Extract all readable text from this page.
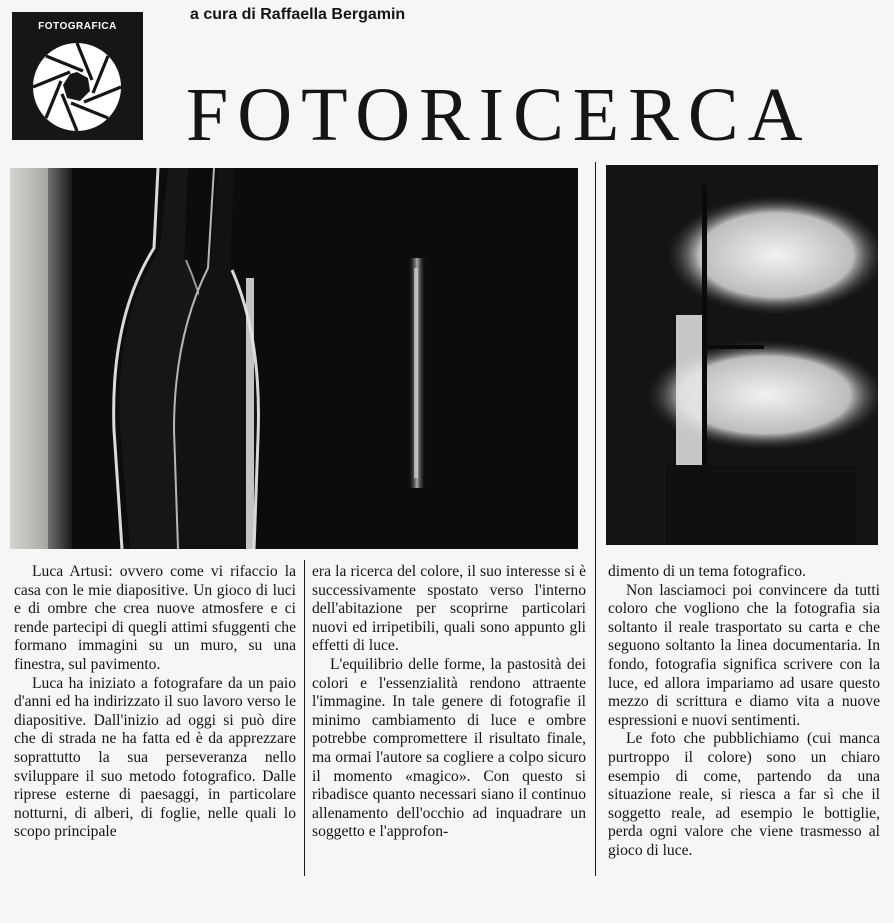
FOTOGRAFICA
a cura di Raffaella Bergamin
FOTORICERCA

Luca Artusi: ovvero come vi rifaccio la casa con le mie diapositive. Un gioco di luci e di ombre che crea nuove atmosfere e ci rende partecipi di quegli attimi sfuggenti che formano immagini su un muro, su una finestra, sul pavimento.

Luca ha iniziato a fotografare da un paio d'anni ed ha indirizzato il suo lavoro verso le diapositive. Dall'inizio ad oggi si può dire che di strada ne ha fatta ed è da apprezzare soprattutto la sua perseveranza nello sviluppare il suo metodo fotografico. Dalle riprese esterne di paesaggi, in particolare notturni, di alberi, di foglie, nelle quali lo scopo principale

era la ricerca del colore, il suo interesse si è successivamente spostato verso l'interno dell'abitazione per scoprirne particolari nuovi ed irripetibili, quali sono appunto gli effetti di luce.

L'equilibrio delle forme, la pastosità dei colori e l'essenzialità rendono attraente l'immagine. In tale genere di fotografie il minimo cambiamento di luce e ombre potrebbe compromettere il risultato finale, ma ormai l'autore sa cogliere a colpo sicuro il momento «magico». Con questo si ribadisce quanto necessari siano il continuo allenamento dell'occhio ad inquadrare un soggetto e l'approfon-

dimento di un tema fotografico.

Non lasciamoci poi convincere da tutti coloro che vogliono che la fotografia sia soltanto il reale trasportato su carta e che seguono soltanto la linea documentaria. In fondo, fotografia significa scrivere con la luce, ed allora impariamo ad usare questo mezzo di scrittura e diamo vita a nuove espressioni e nuovi sentimenti.

Le foto che pubblichiamo (cui manca purtroppo il colore) sono un chiaro esempio di come, partendo da una situazione reale, si riesca a far sì che il soggetto reale, ad esempio le bottiglie, perda ogni valore che viene trasmesso al gioco di luce.
